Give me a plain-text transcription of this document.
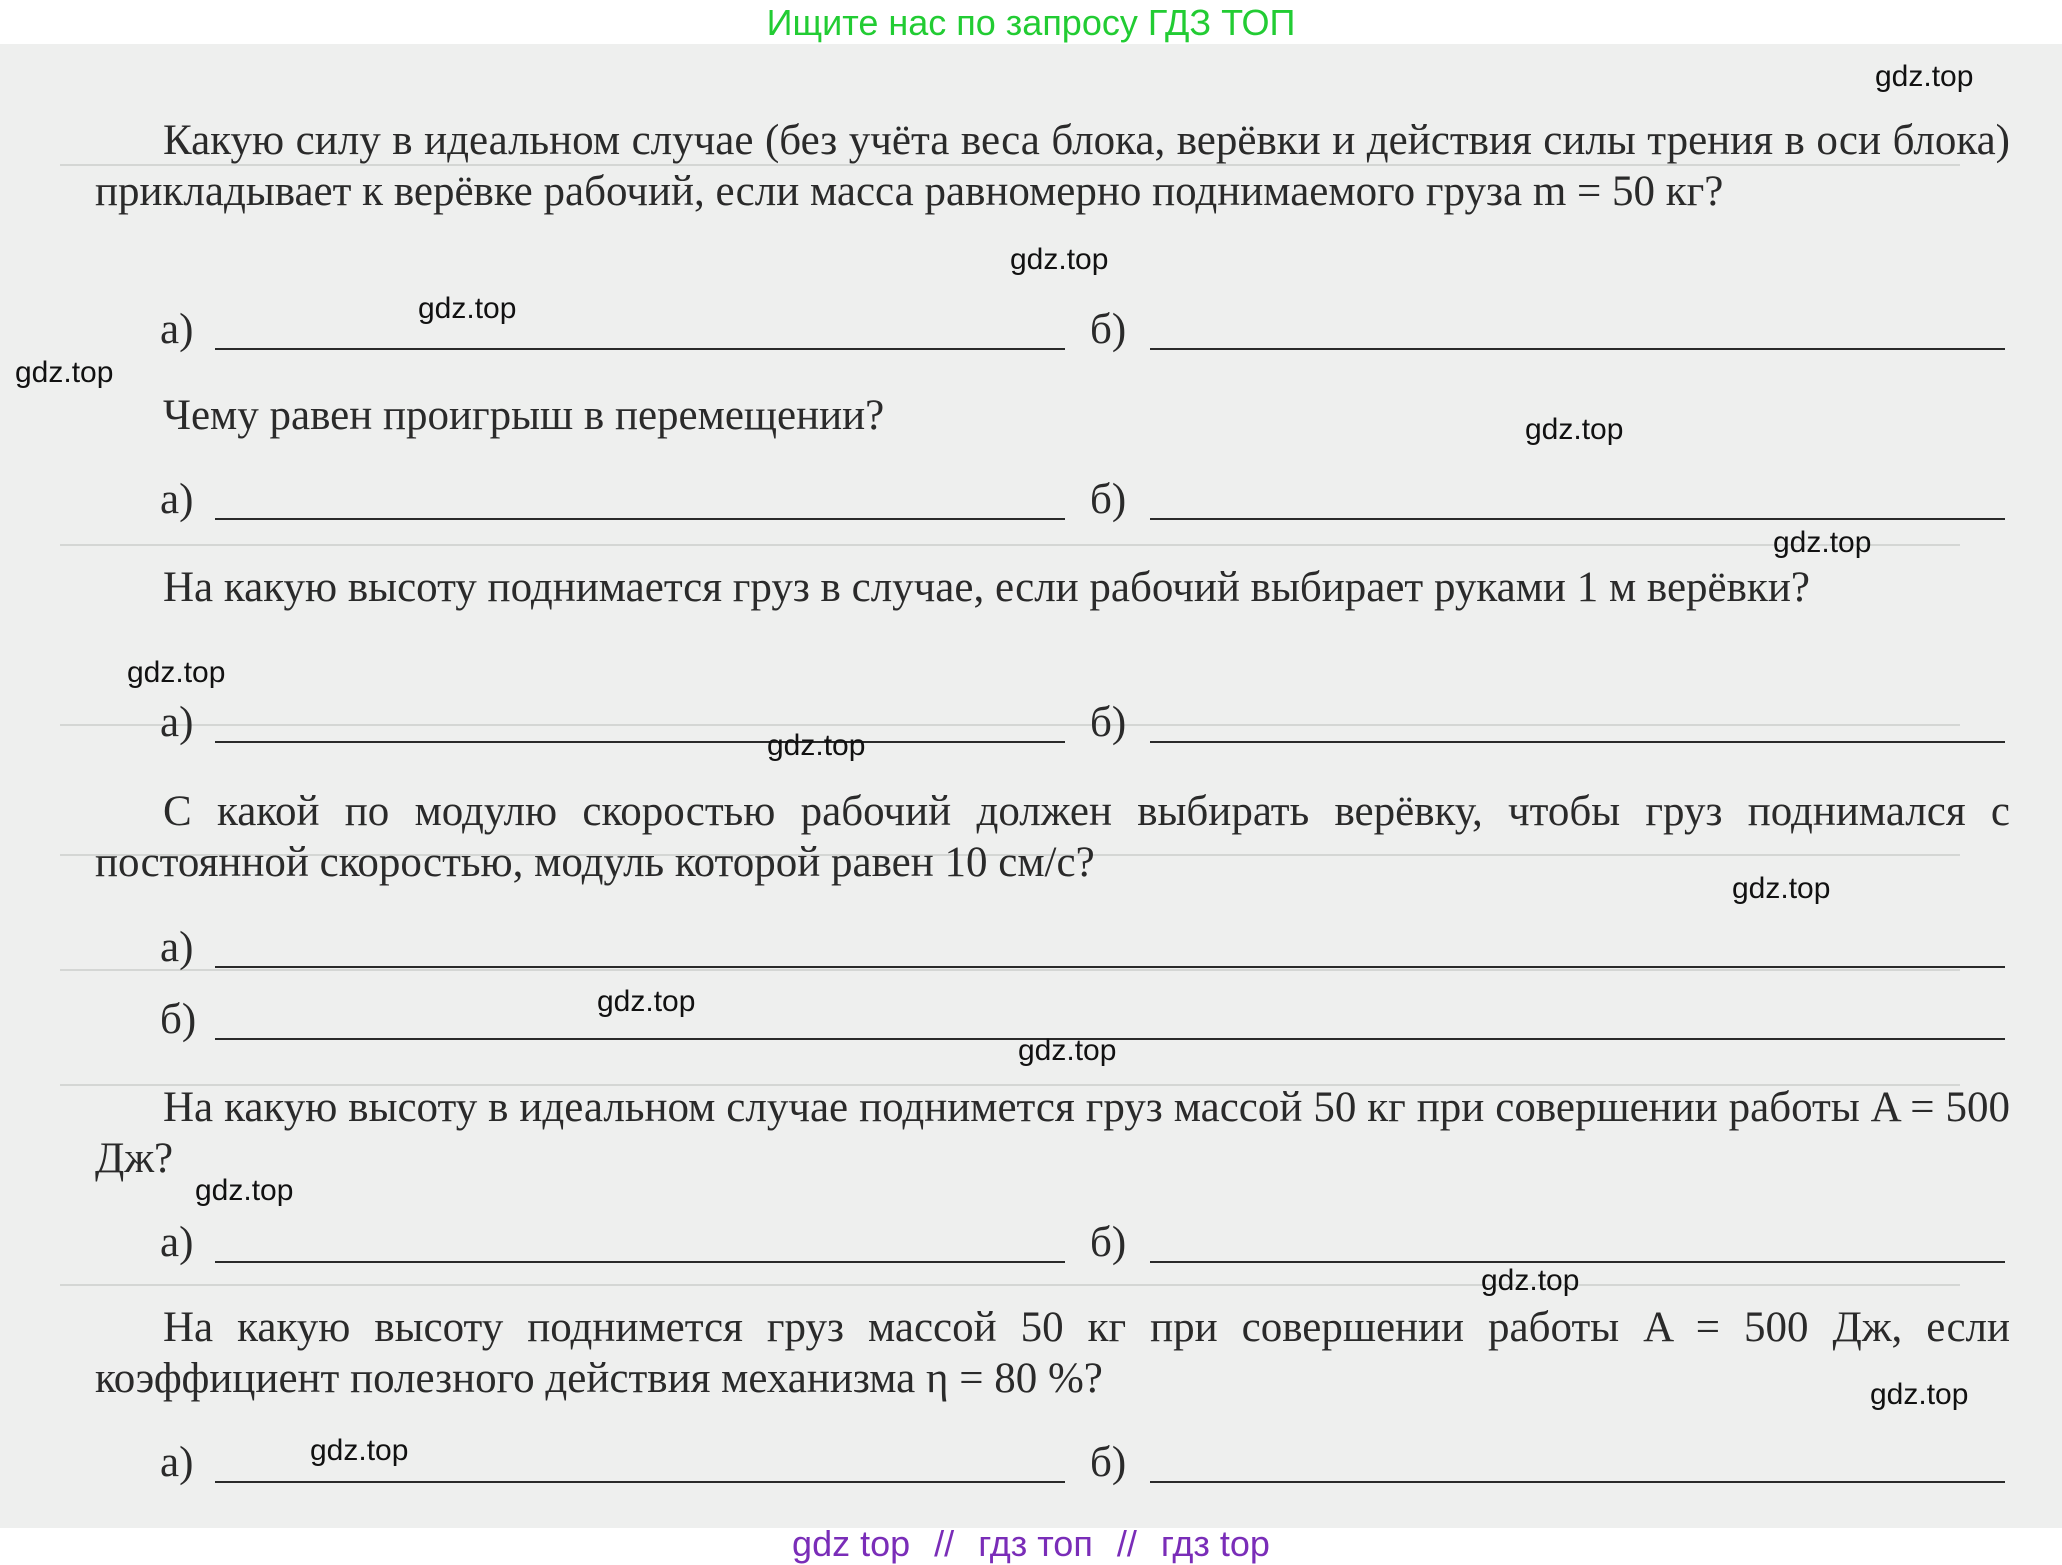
Ищите нас по запросу ГДЗ ТОП

Какую силу в идеальном случае (без учёта веса блока, верёвки и действия силы трения в оси блока) прикладывает к верёвке рабочий, если масса равномерно поднимаемого груза m = 50 кг?

а)	б)

Чему равен проигрыш в перемещении?

а)	б)

На какую высоту поднимается груз в случае, если рабочий выбирает руками 1 м верёвки?

а)	б)

С какой по модулю скоростью рабочий должен выбирать верёвку, чтобы груз поднимался с постоянной скоростью, модуль которой равен 10 см/с?

а)
б)

На какую высоту в идеальном случае поднимется груз массой 50 кг при совершении работы A = 500 Дж?

а)	б)

На какую высоту поднимется груз массой 50 кг при совершении работы A = 500 Дж, если коэффициент полезного действия механизма η = 80 %?

а)	б)
gdz.top
gdz.top
gdz.top
gdz.top
gdz.top
gdz.top
gdz.top
gdz.top
gdz.top
gdz.top
gdz.top
gdz.top
gdz.top
gdz.top
gdz.top
gdz top // гдз топ // гдз top
